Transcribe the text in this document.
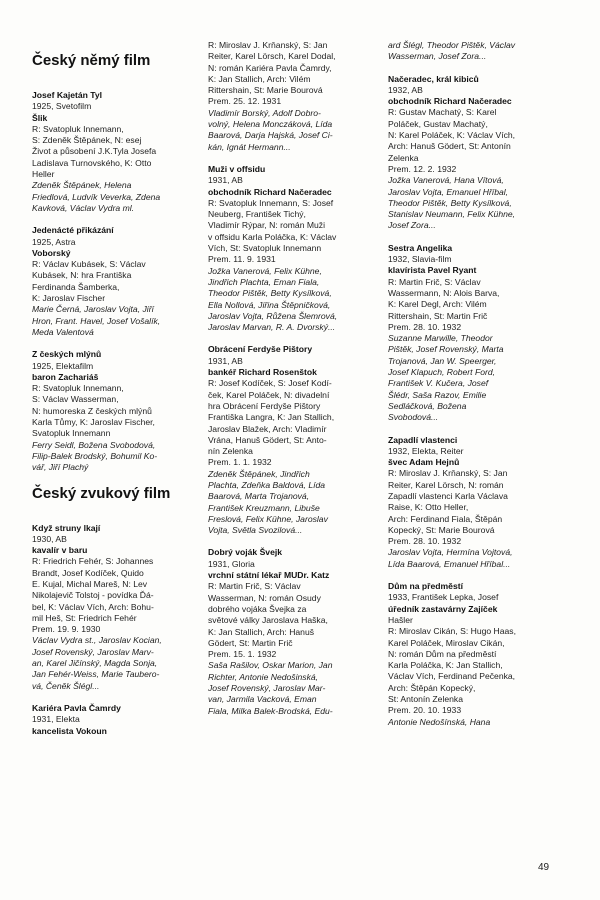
Český němý film
Josef Kajetán Tyl
1925, Svetofilm
Šlik
R: Svatopluk Innemann,
S: Zdeněk Štěpánek, N: esej
Život a působení J.K.Tyla Josefa
Ladislava Turnovského, K: Otto
Heller
Zdeněk Štěpánek, Helena
Friedlová, Ludvík Veverka, Zdena
Kavková, Václav Vydra ml.
Jedenácté přikázání
1925, Astra
Voborský
R: Václav Kubásek, S: Václav
Kubásek, N: hra Františka
Ferdinanda Šamberka,
K: Jaroslav Fischer
Marie Černá, Jaroslav Vojta, Jiří
Hron, Frant. Havel, Josef Vošalík,
Meda Valentová
Z českých mlýnů
1925, Elektafilm
baron Zachariáš
R: Svatopluk Innemann,
S: Václav Wasserman,
N: humoreska Z českých mlýnů
Karla Tůmy, K: Jaroslav Fischer,
Svatopluk Innemann
Ferry Seidl, Božena Svobodová,
Filip-Balek Brodský, Bohumil Ko-
vář, Jiří Plachý
Český zvukový film
Když struny lkají
1930, AB
kavalír v baru
R: Friedrich Fehér, S: Johannes
Brandt, Josef Kodíček, Quido
E. Kujal, Michal Mareš, N: Lev
Nikolajevič Tolstoj - povídka Ďá-
bel, K: Václav Vích, Arch: Bohu-
mil Heš, St: Friedrich Fehér
Prem. 19. 9. 1930
Václav Vydra st., Jaroslav Kocian,
Josef Rovenský, Jaroslav Marv-
an, Karel Jičínský, Magda Sonja,
Jan Fehér-Weiss, Marie Taubero-
vá, Čeněk Šlégl...
Kariéra Pavla Čamrdy
1931, Elekta
kancelista Vokoun
R: Miroslav J. Krňanský, S: Jan
Reiter, Karel Lörsch, Karel Dodal,
N: román Kariéra Pavla Čamrdy,
K: Jan Stallich, Arch: Vilém
Rittershain, St: Marie Bourová
Prem. 25. 12. 1931
Vladimír Borský, Adolf Dobro-
volný, Helena Monczáková, Lída
Baarová, Darja Hajská, Josef Ci-
kán, Ignát Hermann...
Muži v offsidu
1931, AB
obchodník Richard Načeradec
R: Svatopluk Innemann, S: Josef
Neuberg, František Tichý,
Vladimír Rýpar, N: román Muži
v offsidu Karla Poláčka, K: Václav
Vích, St: Svatopluk Innemann
Prem. 11. 9. 1931
Jožka Vanerová, Felix Kühne,
Jindřich Plachta, Eman Fiala,
Theodor Pištěk, Betty Kysílková,
Ella Nollová, Jiřina Štěpničková,
Jaroslav Vojta, Růžena Šlemrová,
Jaroslav Marvan, R. A. Dvorský...
Obrácení Ferdyše Pištory
1931, AB
bankéř Richard Rosenštok
R: Josef Kodíček, S: Josef Kodí-
ček, Karel Poláček, N: divadelní
hra Obrácení Ferdyše Pištory
Františka Langra, K: Jan Stallich,
Jaroslav Blažek, Arch: Vladimír
Vrána, Hanuš Gödert, St: Anto-
nín Zelenka
Prem. 1. 1. 1932
Zdeněk Štěpánek, Jindřich
Plachta, Zdeňka Baldová, Lída
Baarová, Marta Trojanová,
František Kreuzmann, Libuše
Freslová, Felix Kühne, Jaroslav
Vojta, Světla Svozilová...
Dobrý voják Švejk
1931, Gloria
vrchní státní lékař MUDr. Katz
R: Martin Frič, S: Václav
Wasserman, N: román Osudy
dobrého vojáka Švejka za
světové války Jaroslava Haška,
K: Jan Stallich, Arch: Hanuš
Gödert, St: Martin Frič
Prem. 15. 1. 1932
Saša Rašilov, Oskar Marion, Jan
Richter, Antonie Nedošinská,
Josef Rovenský, Jaroslav Mar-
van, Jarmila Vacková, Eman
Fiala, Milka Balek-Brodská, Edu-
ard Šlégl, Theodor Pištěk, Václav
Wasserman, Josef Zora...
Načeradec, král kibiců
1932, AB
obchodník Richard Načeradec
R: Gustav Machatý, S: Karel
Poláček, Gustav Machatý,
N: Karel Poláček, K: Václav Vích,
Arch: Hanuš Gödert, St: Antonín
Zelenka
Prem. 12. 2. 1932
Jožka Vanerová, Hana Vítová,
Jaroslav Vojta, Emanuel Hříbal,
Theodor Pištěk, Betty Kysílková,
Stanislav Neumann, Felix Kühne,
Josef Zora...
Sestra Angelika
1932, Slavia-film
klavírista Pavel Ryant
R: Martin Frič, S: Václav
Wassermann, N: Alois Barva,
K: Karel Degl, Arch: Vilém
Rittershain, St: Martin Frič
Prem. 28. 10. 1932
Suzanne Marwille, Theodor
Pištěk, Josef Rovenský, Marta
Trojanová, Jan W. Speerger,
Josef Klapuch, Robert Ford,
František V. Kučera, Josef
Šlédr, Saša Razov, Emilie
Sedláčková, Božena
Svobodová...
Zapadlí vlastenci
1932, Elekta, Reiter
švec Adam Hejnů
R: Miroslav J. Krňanský, S: Jan
Reiter, Karel Lörsch, N: román
Zapadlí vlastenci Karla Václava
Raise, K: Otto Heller,
Arch: Ferdinand Fiala, Štěpán
Kopecký, St: Marie Bourová
Prem. 28. 10. 1932
Jaroslav Vojta, Hermína Vojtová,
Lída Baarová, Emanuel Hříbal...
Dům na předměstí
1933, František Lepka, Josef
úředník zastavárny Zajíček
Hašler
R: Miroslav Cikán, S: Hugo Haas,
Karel Poláček, Miroslav Cikán,
N: román Dům na předměstí
Karla Poláčka, K: Jan Stallich,
Václav Vích, Ferdinand Pečenka,
Arch: Štěpán Kopecký,
St: Antonín Zelenka
Prem. 20. 10. 1933
Antonie Nedošínská, Hana
49
